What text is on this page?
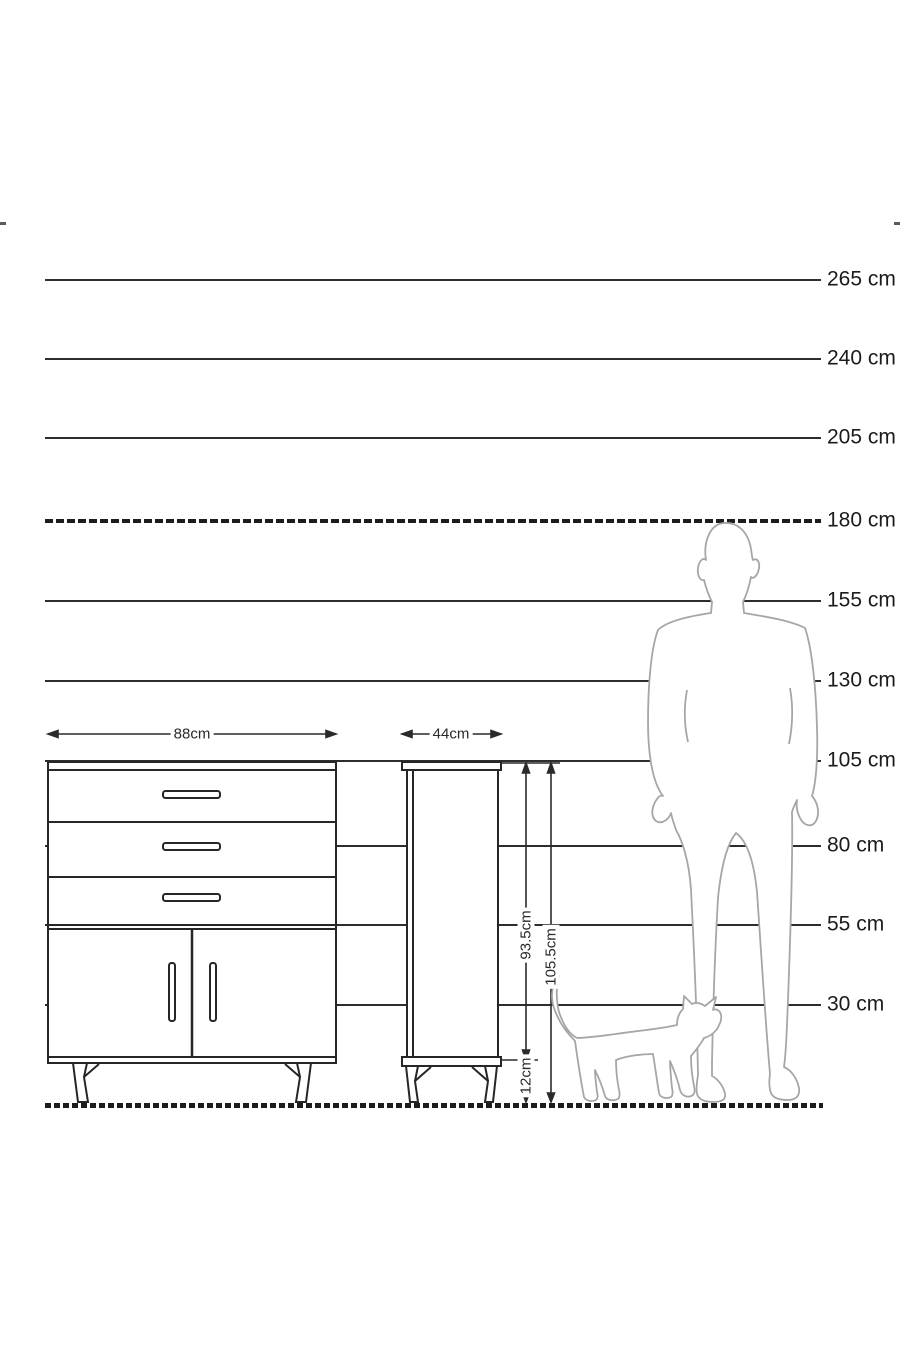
265 cm
240 cm
205 cm
180 cm
155 cm
130 cm
105 cm
80 cm
55 cm
30 cm
88cm	44cm
93.5cm 105.5cm
12cm
